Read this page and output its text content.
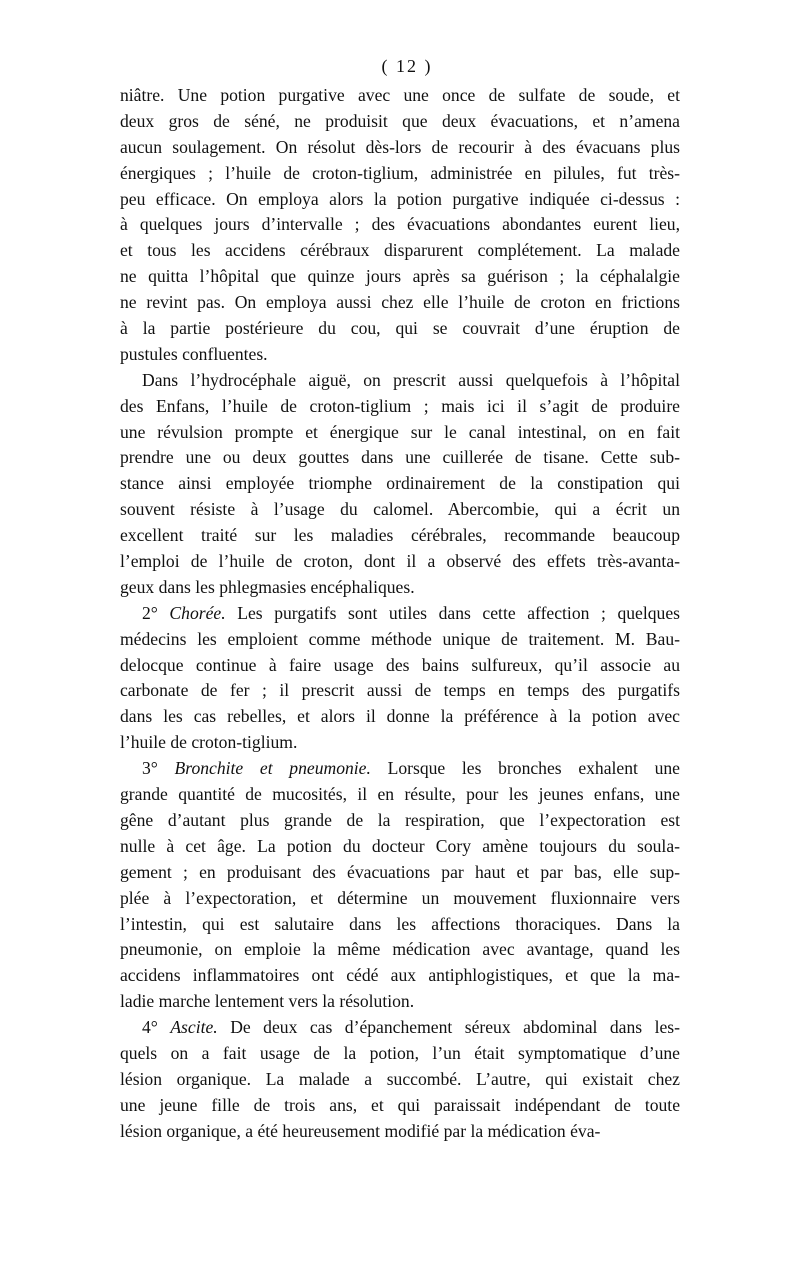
( 12 )
niâtre. Une potion purgative avec une once de sulfate de soude, et
deux gros de séné, ne produisit que deux évacuations, et n’amena
aucun soulagement. On résolut dès-lors de recourir à des évacuans plus
énergiques ; l’huile de croton-tiglium, administrée en pilules, fut très-
peu efficace. On employa alors la potion purgative indiquée ci-dessus :
à quelques jours d’intervalle ; des évacuations abondantes eurent lieu,
et tous les accidens cérébraux disparurent complétement. La malade
ne quitta l’hôpital que quinze jours après sa guérison ; la céphalalgie
ne revint pas. On employa aussi chez elle l’huile de croton en frictions
à la partie postérieure du cou, qui se couvrait d’une éruption de
pustules confluentes.
Dans l’hydrocéphale aiguë, on prescrit aussi quelquefois à l’hôpital
des Enfans, l’huile de croton-tiglium ; mais ici il s’agit de produire
une révulsion prompte et énergique sur le canal intestinal, on en fait
prendre une ou deux gouttes dans une cuillerée de tisane. Cette sub-
stance ainsi employée triomphe ordinairement de la constipation qui
souvent résiste à l’usage du calomel. Abercombie, qui a écrit un
excellent traité sur les maladies cérébrales, recommande beaucoup
l’emploi de l’huile de croton, dont il a observé des effets très-avanta-
geux dans les phlegmasies encéphaliques.
2° Chorée. Les purgatifs sont utiles dans cette affection ; quelques
médecins les emploient comme méthode unique de traitement. M. Bau-
delocque continue à faire usage des bains sulfureux, qu’il associe au
carbonate de fer ; il prescrit aussi de temps en temps des purgatifs
dans les cas rebelles, et alors il donne la préférence à la potion avec
l’huile de croton-tiglium.
3° Bronchite et pneumonie. Lorsque les bronches exhalent une
grande quantité de mucosités, il en résulte, pour les jeunes enfans, une
gêne d’autant plus grande de la respiration, que l’expectoration est
nulle à cet âge. La potion du docteur Cory amène toujours du soula-
gement ; en produisant des évacuations par haut et par bas, elle sup-
plée à l’expectoration, et détermine un mouvement fluxionnaire vers
l’intestin, qui est salutaire dans les affections thoraciques. Dans la
pneumonie, on emploie la même médication avec avantage, quand les
accidens inflammatoires ont cédé aux antiphlogistiques, et que la ma-
ladie marche lentement vers la résolution.
4° Ascite. De deux cas d’épanchement séreux abdominal dans les-
quels on a fait usage de la potion, l’un était symptomatique d’une
lésion organique. La malade a succombé. L’autre, qui existait chez
une jeune fille de trois ans, et qui paraissait indépendant de toute
lésion organique, a été heureusement modifié par la médication éva-
